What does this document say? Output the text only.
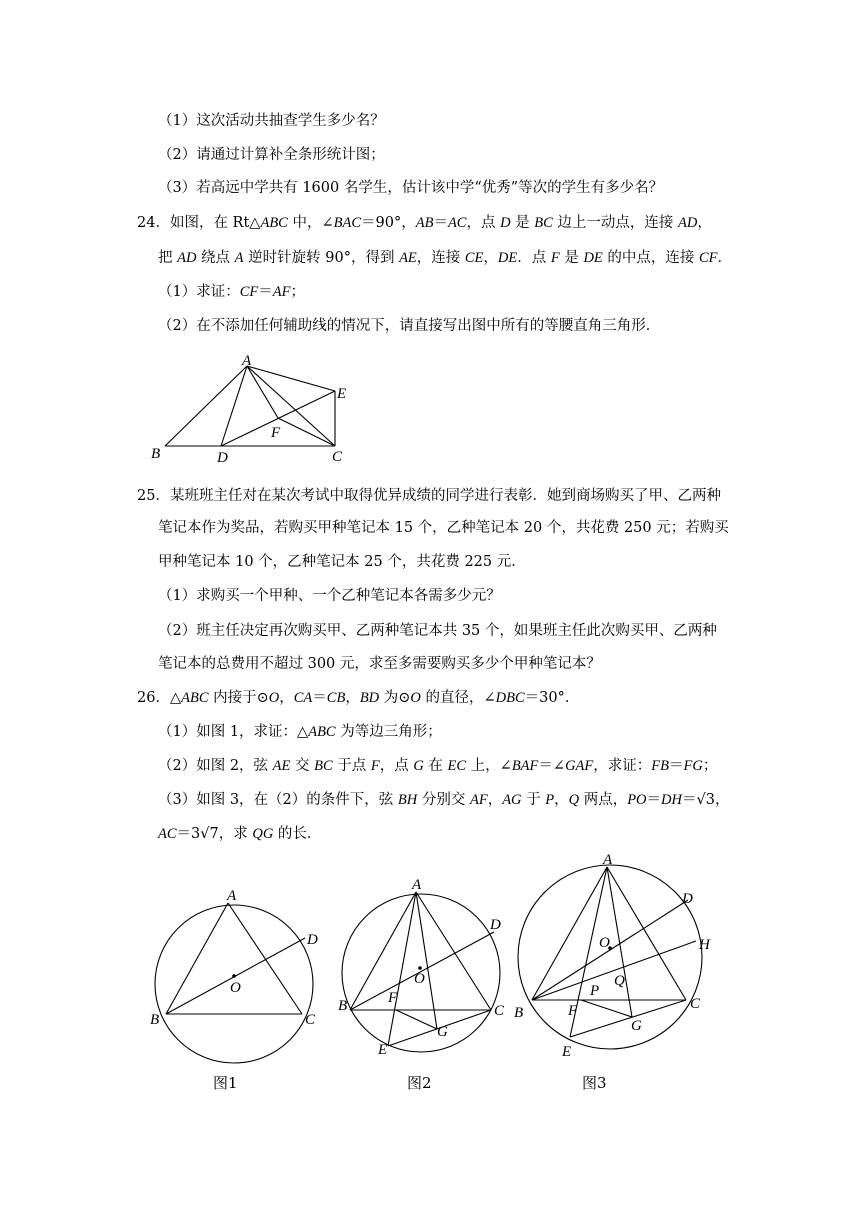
（1）这次活动共抽查学生多少名？
（2）请通过计算补全条形统计图；
（3）若高远中学共有 1600 名学生，估计该中学“优秀”等次的学生有多少名？
24．如图，在 Rt△ABC 中，∠BAC＝90°，AB＝AC，点 D 是 BC 边上一动点，连接 AD，
把 AD 绕点 A 逆时针旋转 90°，得到 AE，连接 CE，DE．点 F 是 DE 的中点，连接 CF．
（1）求证：CF＝AF；
（2）在不添加任何辅助线的情况下，请直接写出图中所有的等腰直角三角形．
A
B	C
D
E
F
25．某班班主任对在某次考试中取得优异成绩的同学进行表彰．她到商场购买了甲、乙两种
笔记本作为奖品，若购买甲种笔记本 15 个，乙种笔记本 20 个，共花费 250 元；若购买
甲种笔记本 10 个，乙种笔记本 25 个，共花费 225 元．
（1）求购买一个甲种、一个乙种笔记本各需多少元？
（2）班主任决定再次购买甲、乙两种笔记本共 35 个，如果班主任此次购买甲、乙两种
笔记本的总费用不超过 300 元，求至多需要购买多少个甲种笔记本？
26．△ABC 内接于⊙O，CA＝CB，BD 为⊙O 的直径，∠DBC＝30°．
（1）如图 1，求证：△ABC 为等边三角形；
（2）如图 2，弦 AE 交 BC 于点 F，点 G 在 EC 上，∠BAF＝∠GAF，求证：FB＝FG；
（3）如图 3，在（2）的条件下，弦 BH 分别交 AF，AG 于 P，Q 两点，PO＝DH＝√3，
AC＝3√7，求 QG 的长．
A
B	C
D
O
图1
A
B	C
D
E
F
G
O
图2
A
B
C
D
E
F
G
H
O
P
Q
图3
